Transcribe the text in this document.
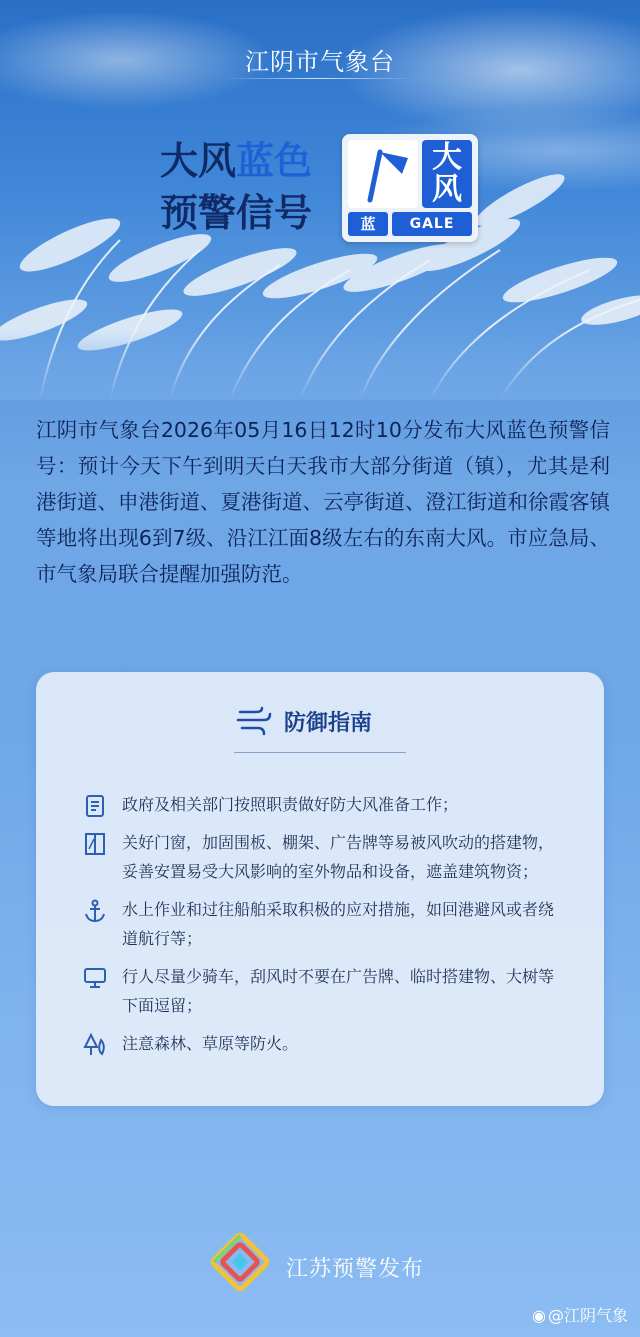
江阴市气象台
大风蓝色
预警信号
大
风
蓝	GALE
江阴市气象台2026年05月16日12时10分发布大风蓝色预警信号：预计今天下午到明天白天我市大部分街道（镇），尤其是利港街道、申港街道、夏港街道、云亭街道、澄江街道和徐霞客镇等地将出现6到7级、沿江江面8级左右的东南大风。市应急局、市气象局联合提醒加强防范。
防御指南
政府及相关部门按照职责做好防大风准备工作；
关好门窗，加固围板、棚架、广告牌等易被风吹动的搭建物，妥善安置易受大风影响的室外物品和设备，遮盖建筑物资；
水上作业和过往船舶采取积极的应对措施，如回港避风或者绕道航行等；
行人尽量少骑车，刮风时不要在广告牌、临时搭建物、大树等下面逗留；
注意森林、草原等防火。
江苏预警发布
◉ @江阴气象
